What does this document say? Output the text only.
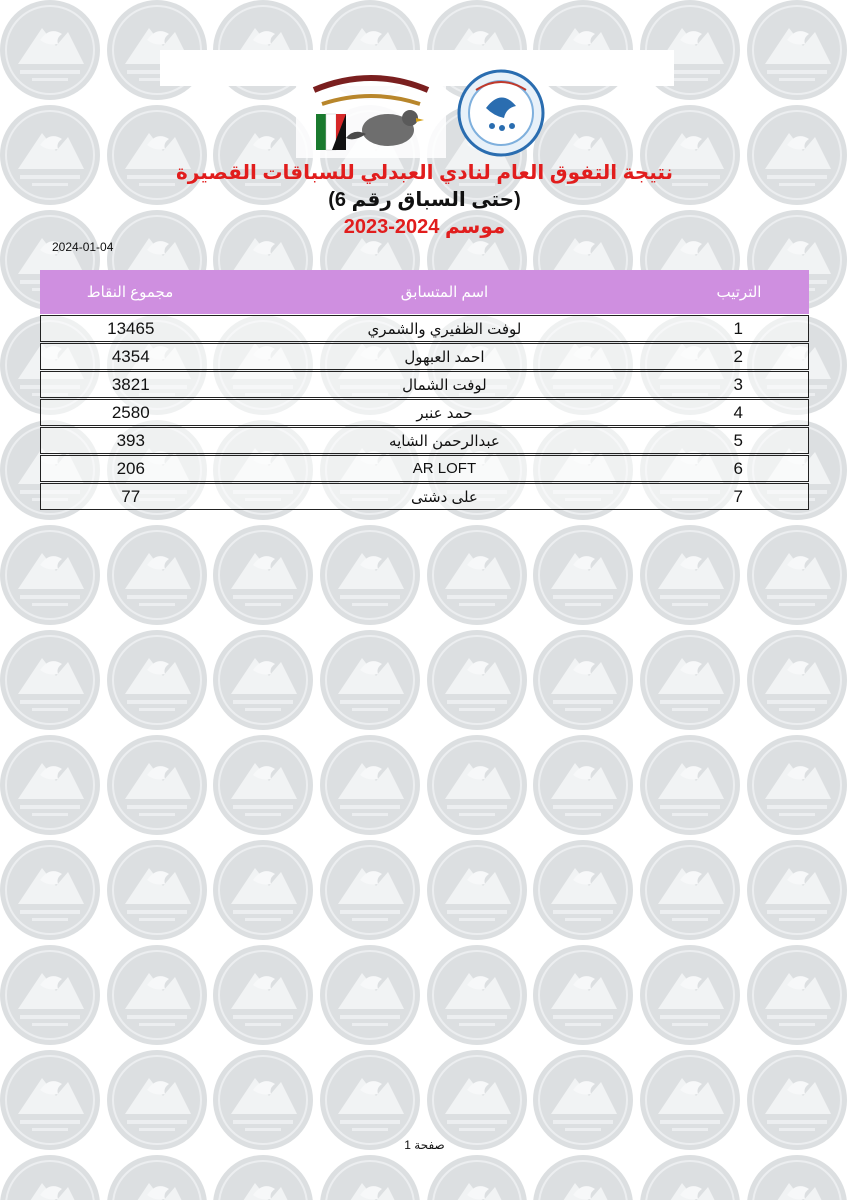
نتيجة التفوق العام لنادي العبدلي للسباقات القصيرة
(حتى السباق رقم 6)
موسم 2023-2024
2024-01-04
الترتيب
اسم المتسابق
مجموع النقاط
1
لوفت الظفيري والشمري
13465
2
احمد العبهول
4354
3
لوفت الشمال
3821
4
حمد عنبر
2580
5
عبدالرحمن الشايه
393
6
AR LOFT
206
7
على دشتى
77
صفحة 1
